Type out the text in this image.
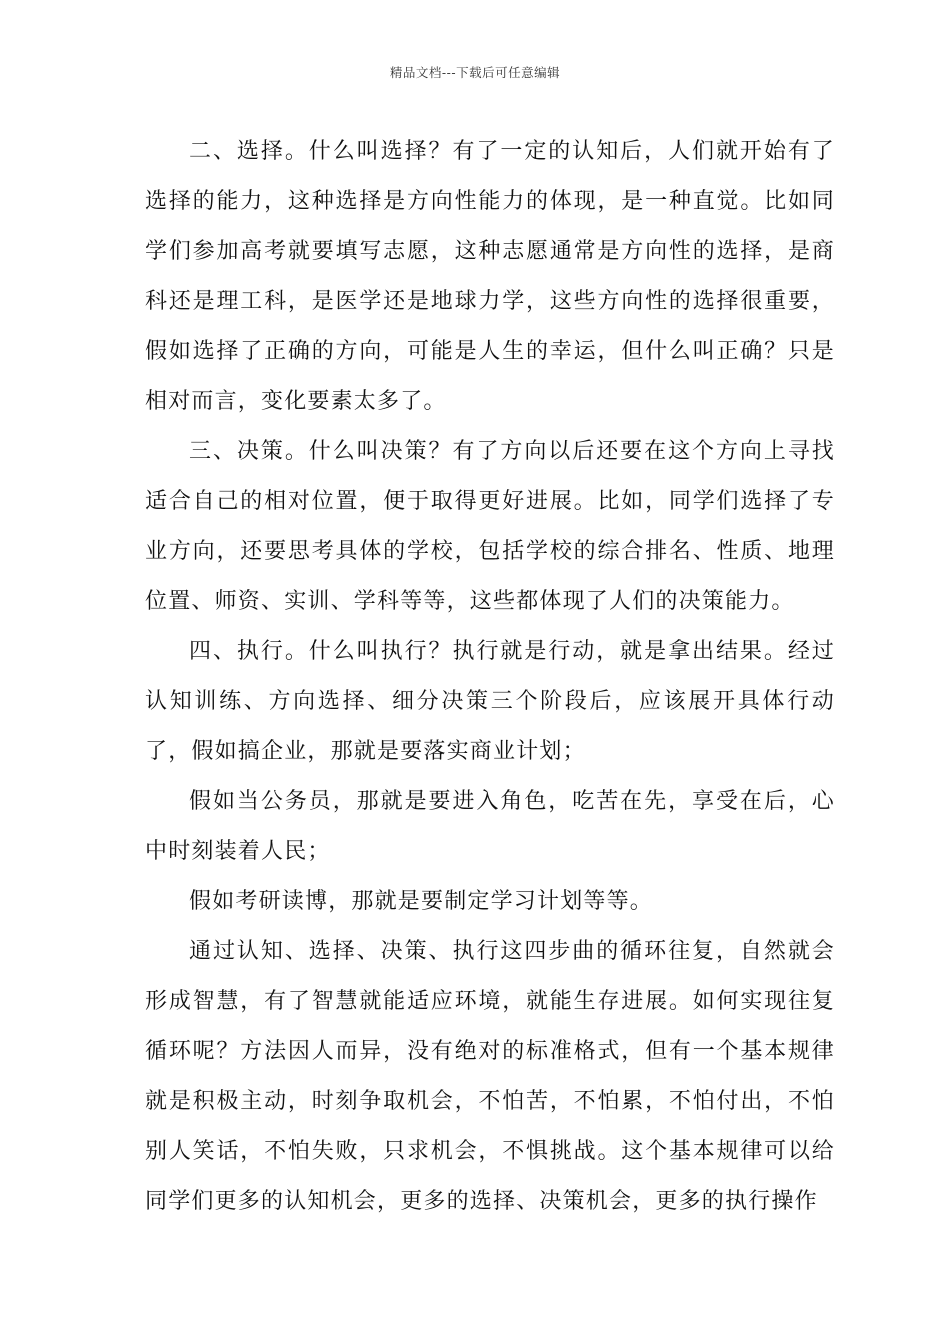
精品文档---下载后可任意编辑

二、选择。什么叫选择？有了一定的认知后，人们就开始有了选择的能力，这种选择是方向性能力的体现，是一种直觉。比如同学们参加高考就要填写志愿，这种志愿通常是方向性的选择，是商科还是理工科，是医学还是地球力学，这些方向性的选择很重要，假如选择了正确的方向，可能是人生的幸运，但什么叫正确？只是相对而言，变化要素太多了。

三、决策。什么叫决策？有了方向以后还要在这个方向上寻找适合自己的相对位置，便于取得更好进展。比如，同学们选择了专业方向，还要思考具体的学校，包括学校的综合排名、性质、地理位置、师资、实训、学科等等，这些都体现了人们的决策能力。

四、执行。什么叫执行？执行就是行动，就是拿出结果。经过认知训练、方向选择、细分决策三个阶段后，应该展开具体行动了，假如搞企业，那就是要落实商业计划；

假如当公务员，那就是要进入角色，吃苦在先，享受在后，心中时刻装着人民；

假如考研读博，那就是要制定学习计划等等。

通过认知、选择、决策、执行这四步曲的循环往复，自然就会形成智慧，有了智慧就能适应环境，就能生存进展。如何实现往复循环呢？方法因人而异，没有绝对的标准格式，但有一个基本规律就是积极主动，时刻争取机会，不怕苦，不怕累，不怕付出，不怕别人笑话，不怕失败，只求机会，不惧挑战。这个基本规律可以给同学们更多的认知机会，更多的选择、决策机会，更多的执行操作
